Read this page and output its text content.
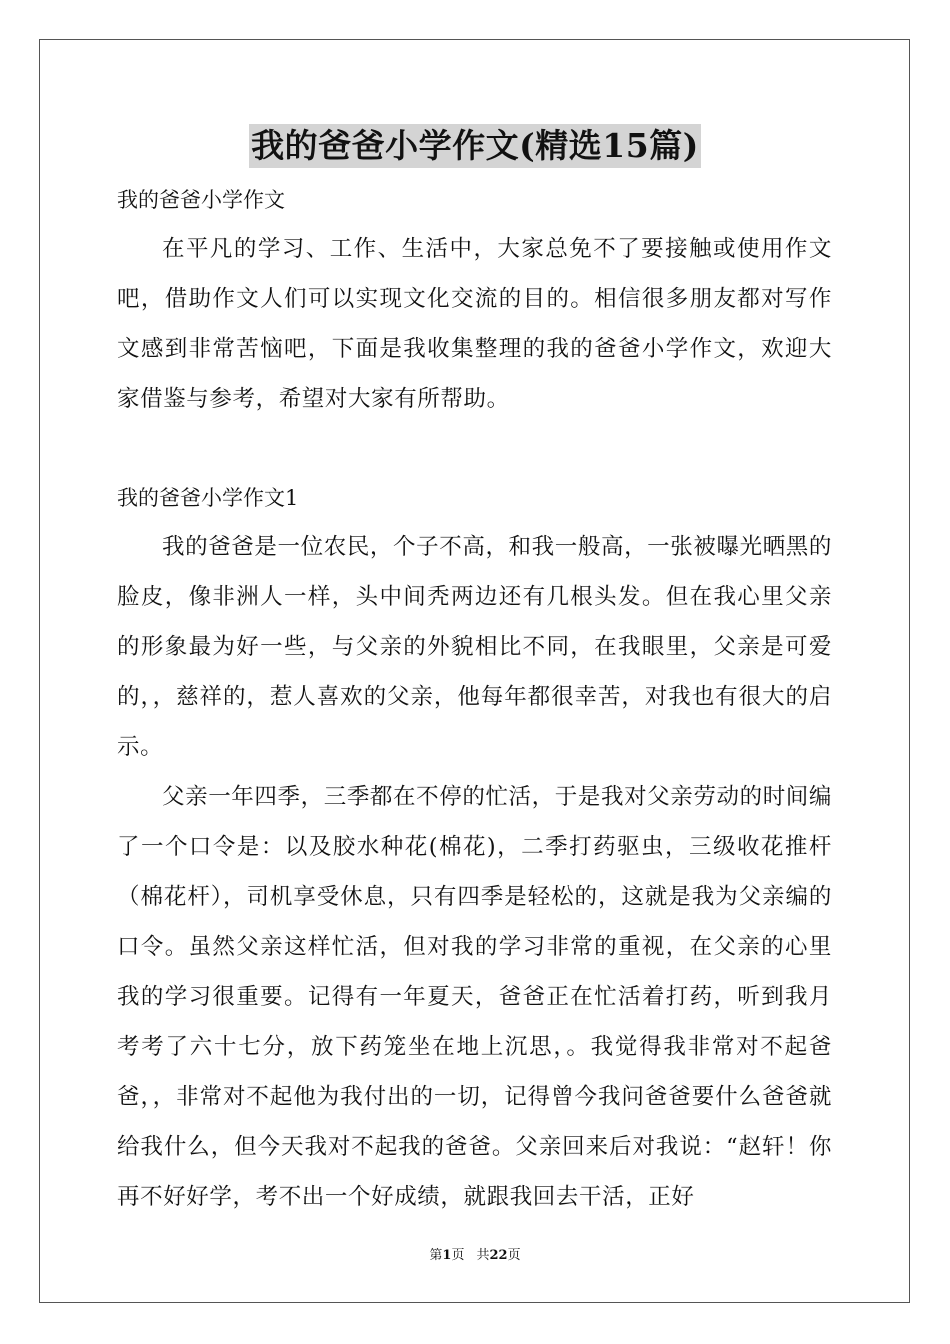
我的爸爸小学作文(精选15篇)

我的爸爸小学作文

在平凡的学习、工作、生活中，大家总免不了要接触或使用作文吧，借助作文人们可以实现文化交流的目的。相信很多朋友都对写作文感到非常苦恼吧，下面是我收集整理的我的爸爸小学作文，欢迎大家借鉴与参考，希望对大家有所帮助。

我的爸爸小学作文1

我的爸爸是一位农民，个子不高，和我一般高，一张被曝光晒黑的脸皮，像非洲人一样，头中间秃两边还有几根头发。但在我心里父亲的形象最为好一些，与父亲的外貌相比不同，在我眼里，父亲是可爱的，，慈祥的，惹人喜欢的父亲，他每年都很幸苦，对我也有很大的启示。

父亲一年四季，三季都在不停的忙活，于是我对父亲劳动的时间编了一个口令是：以及胶水种花(棉花)，二季打药驱虫，三级收花推杆（棉花杆），司机享受休息，只有四季是轻松的，这就是我为父亲编的口令。虽然父亲这样忙活，但对我的学习非常的重视，在父亲的心里我的学习很重要。记得有一年夏天，爸爸正在忙活着打药，听到我月考考了六十七分，放下药笼坐在地上沉思，。我觉得我非常对不起爸爸，，非常对不起他为我付出的一切，记得曾今我问爸爸要什么爸爸就给我什么，但今天我对不起我的爸爸。父亲回来后对我说：“赵轩！你再不好好学，考不出一个好成绩，就跟我回去干活，正好

第1页 共22页
